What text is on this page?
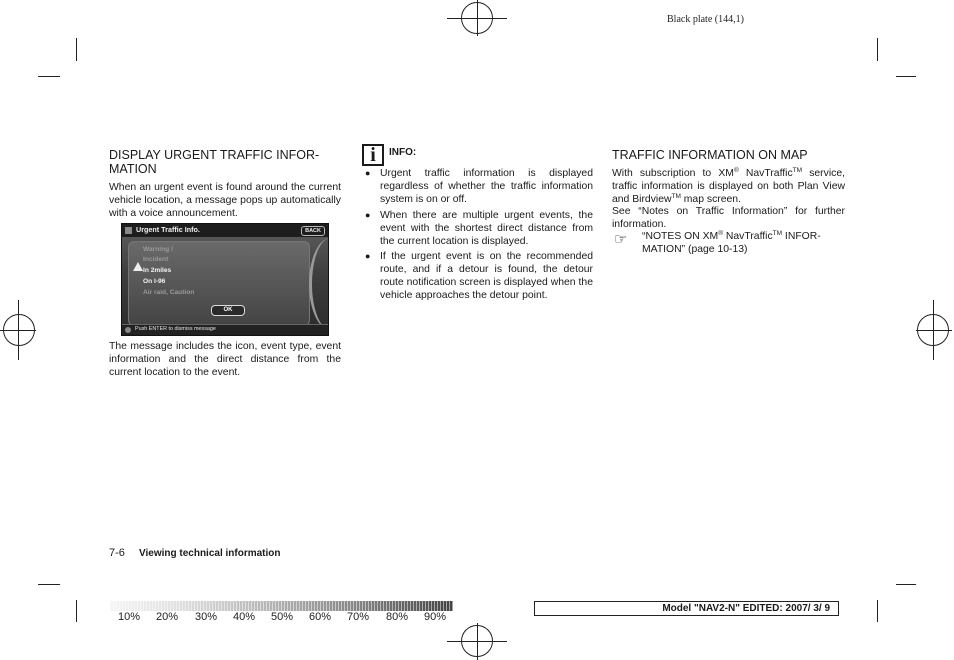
Black plate (144,1)
DISPLAY URGENT TRAFFIC INFOR-
MATION
When an urgent event is found around the current vehicle location, a message pops up automatically with a voice announcement.
Urgent Traffic Info.	BACK
Warning !
Incident
In 2miles
On I-96
Air raid, Caution
OK
Push ENTER to dismiss message
The message includes the icon, event type, event information and the direct distance from the current location to the event.
i	INFO:
● Urgent traffic information is displayed regardless of whether the traffic information system is on or off.
● When there are multiple urgent events, the event with the shortest direct distance from the current location is displayed.
● If the urgent event is on the recommended route, and if a detour is found, the detour route notification screen is displayed when the vehicle approaches the detour point.
TRAFFIC INFORMATION ON MAP
With subscription to XM® NavTraffic™ service, traffic information is displayed on both Plan View and Birdview™ map screen.
See “Notes on Traffic Information” for further information.
☞ “NOTES ON XM® NavTraffic™ INFOR-
MATION” (page 10-13)
7-6 Viewing technical information
10% 20% 30% 40% 50% 60% 70% 80% 90%
Model "NAV2-N" EDITED: 2007/ 3/ 9
